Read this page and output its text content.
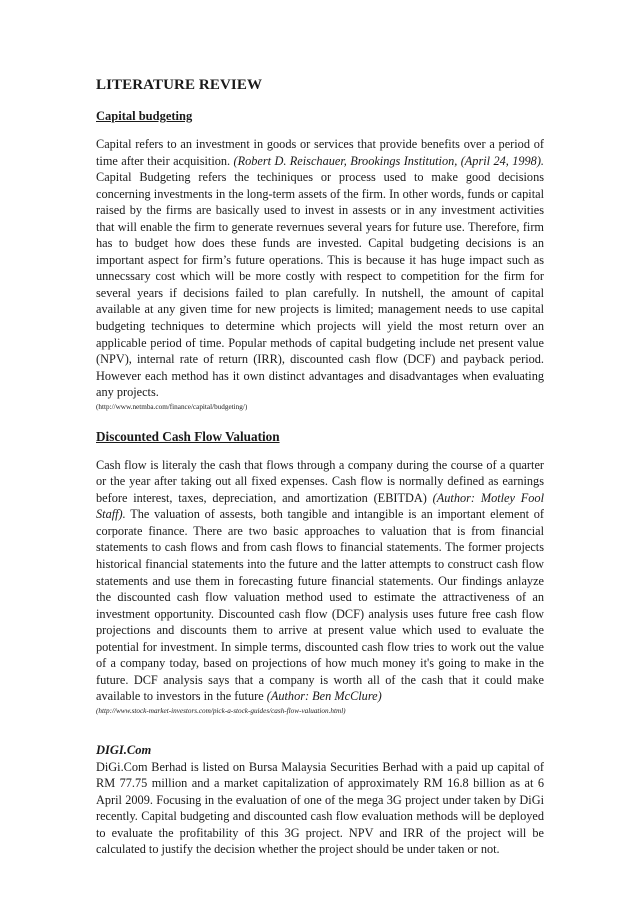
LITERATURE REVIEW
Capital budgeting

Capital refers to an investment in goods or services that provide benefits over a period of time after their acquisition. (Robert D. Reischauer, Brookings Institution, (April 24, 1998). Capital Budgeting refers the techiniques or process used to make good decisions concerning investments in the long-term assets of the firm. In other words, funds or capital raised by the firms are basically used to invest in assests or in any investment activities that will enable the firm to generate revernues several years for future use. Therefore, firm has to budget how does these funds are invested. Capital budgeting decisions is an important aspect for firm’s future operations. This is because it has huge impact such as unnecssary cost which will be more costly with respect to competition for the firm for several years if decisions failed to plan carefully. In nutshell, the amount of capital available at any given time for new projects is limited; management needs to use capital budgeting techniques to determine which projects will yield the most return over an applicable period of time. Popular methods of capital budgeting include net present value (NPV), internal rate of return (IRR), discounted cash flow (DCF) and payback period. However each method has it own distinct advantages and disadvantages when evaluating any projects.

(http://www.netmba.com/finance/capital/budgeting/)
Discounted Cash Flow Valuation

Cash flow is literaly the cash that flows through a company during the course of a quarter or the year after taking out all fixed expenses. Cash flow is normally defined as earnings before interest, taxes, depreciation, and amortization (EBITDA) (Author: Motley Fool Staff). The valuation of assests, both tangible and intangible is an important element of corporate finance. There are two basic approaches to valuation that is from financial statements to cash flows and from cash flows to financial statements. The former projects historical financial statements into the future and the latter attempts to construct cash flow statements and use them in forecasting future financial statements. Our findings anlayze the discounted cash flow valuation method used to estimate the attractiveness of an investment opportunity. Discounted cash flow (DCF) analysis uses future free cash flow projections and discounts them to arrive at present value which used to evaluate the potential for investment. In simple terms, discounted cash flow tries to work out the value of a company today, based on projections of how much money it's going to make in the future. DCF analysis says that a company is worth all of the cash that it could make available to investors in the future (Author: Ben McClure)

(http://www.stock-market-investors.com/pick-a-stock-guides/cash-flow-valuation.html)
DIGI.Com

DiGi.Com Berhad is listed on Bursa Malaysia Securities Berhad with a paid up capital of RM 77.75 million and a market capitalization of approximately RM 16.8 billion as at 6 April 2009. Focusing in the evaluation of one of the mega 3G project under taken by DiGi recently. Capital budgeting and discounted cash flow evaluation methods will be deployed to evaluate the profitability of this 3G project. NPV and IRR of the project will be calculated to justify the decision whether the project should be under taken or not.
